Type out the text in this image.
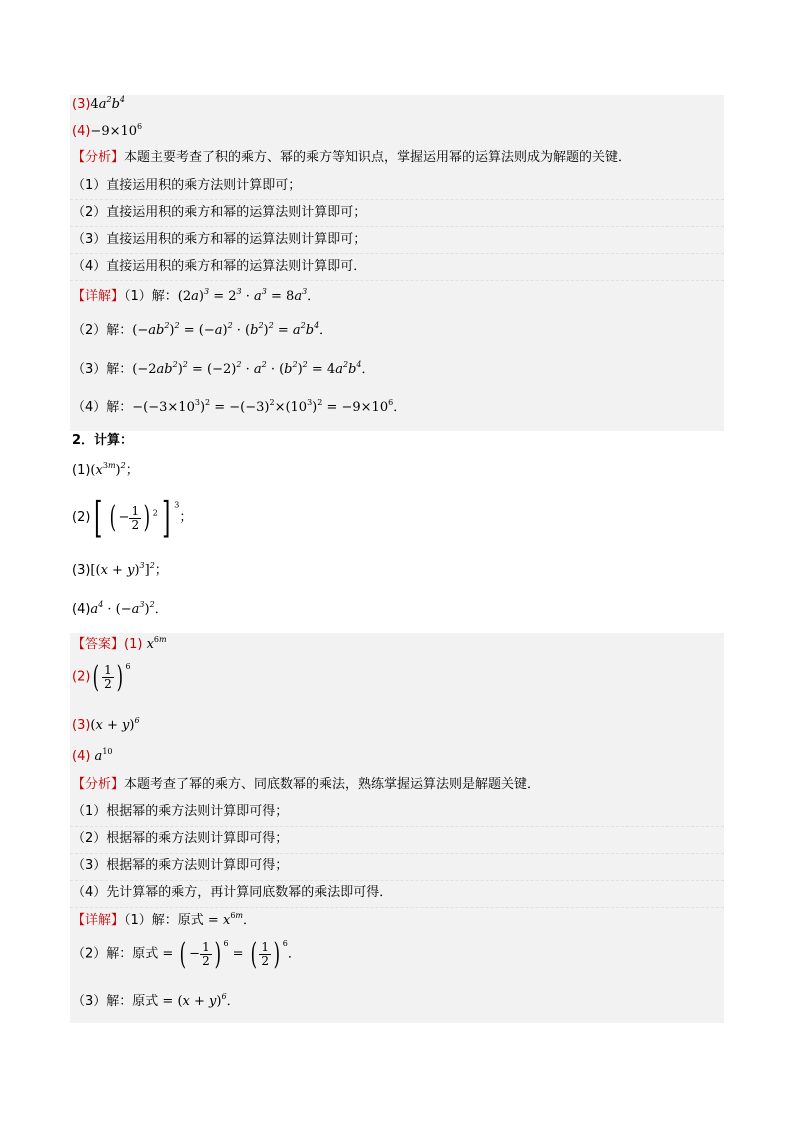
$(3)4a^2b^4$
$(4)-9\times 10^6$
【分析】本题主要考查了积的乘方、幂的乘方等知识点，掌握运用幂的运算法则成为解题的关键．
（1）直接运用积的乘方法则计算即可；
（2）直接运用积的乘方和幂的运算法则计算即可；
（3）直接运用积的乘方和幂的运算法则计算即可；
（4）直接运用积的乘方和幂的运算法则计算即可．
【详解】（1）解：$(2a)^3 = 2^3 \cdot a^3 = 8a^3$．
（2）解：$(-ab^2)^2 = (-a)^2 \cdot (b^2)^2 = a^2b^4$．
（3）解：$(-2ab^2)^2 = (-2)^2 \cdot a^2 \cdot (b^2)^2 = 4a^2b^4$．
（4）解：$-(-3\times 10^3)^2 = -(-3)^2\times(10^3)^2 = -9\times 10^6$．
2．计算：
$(1)(x^{3m})^2$；
(2)[ ( − $\frac{1}{2}$ ) $^2$] $^3$；
$(3)[(x + y)^3]^2$；
$(4)a^4 \cdot (-a^3)^2$．
【答案】(1) $x^{6m}$
$(2)( \frac{1}{2}$ ) $^6$
$(3)(x + y)^6$
(4) $a^{10}$
【分析】本题考查了幂的乘方、同底数幂的乘法，熟练掌握运算法则是解题关键．
（1）根据幂的乘方法则计算即可得；
（2）根据幂的乘方法则计算即可得；
（3）根据幂的乘方法则计算即可得；
（4）先计算幂的乘方，再计算同底数幂的乘法即可得．
【详解】（1）解：原式 = $x^{6m}$．
（2）解：原式 = ( − $\frac{1}{2}$ ) $^6$ = ( $\frac{1}{2}$ ) $^6$．
（3）解：原式 = $(x + y)^6$．
